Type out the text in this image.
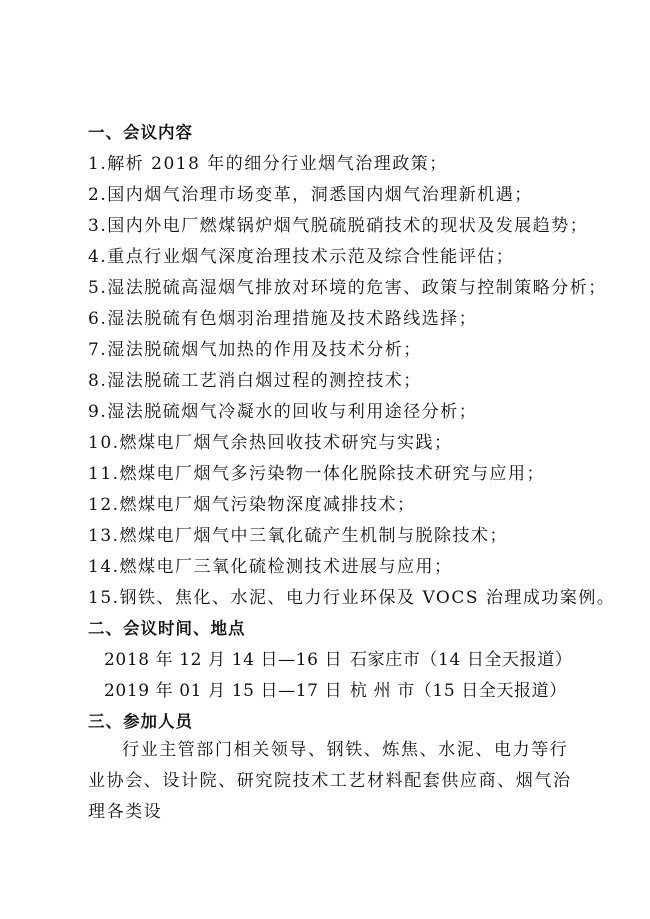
一、会议内容
1.解析 2018 年的细分行业烟气治理政策；
2.国内烟气治理市场变革，洞悉国内烟气治理新机遇；
3.国内外电厂燃煤锅炉烟气脱硫脱硝技术的现状及发展趋势；
4.重点行业烟气深度治理技术示范及综合性能评估；
5.湿法脱硫高湿烟气排放对环境的危害、政策与控制策略分析；
6.湿法脱硫有色烟羽治理措施及技术路线选择；
7.湿法脱硫烟气加热的作用及技术分析；
8.湿法脱硫工艺消白烟过程的测控技术；
9.湿法脱硫烟气冷凝水的回收与利用途径分析；
10.燃煤电厂烟气余热回收技术研究与实践；
11.燃煤电厂烟气多污染物一体化脱除技术研究与应用；
12.燃煤电厂烟气污染物深度减排技术；
13.燃煤电厂烟气中三氧化硫产生机制与脱除技术；
14.燃煤电厂三氧化硫检测技术进展与应用；
15.钢铁、焦化、水泥、电力行业环保及 VOCS 治理成功案例。
二、会议时间、地点
2018 年 12 月 14 日—16 日 石家庄市（14 日全天报道）
2019 年 01 月 15 日—17 日 杭 州 市（15 日全天报道）
三、参加人员
行业主管部门相关领导、钢铁、炼焦、水泥、电力等行业协会、设计院、研究院技术工艺材料配套供应商、烟气治理各类设
